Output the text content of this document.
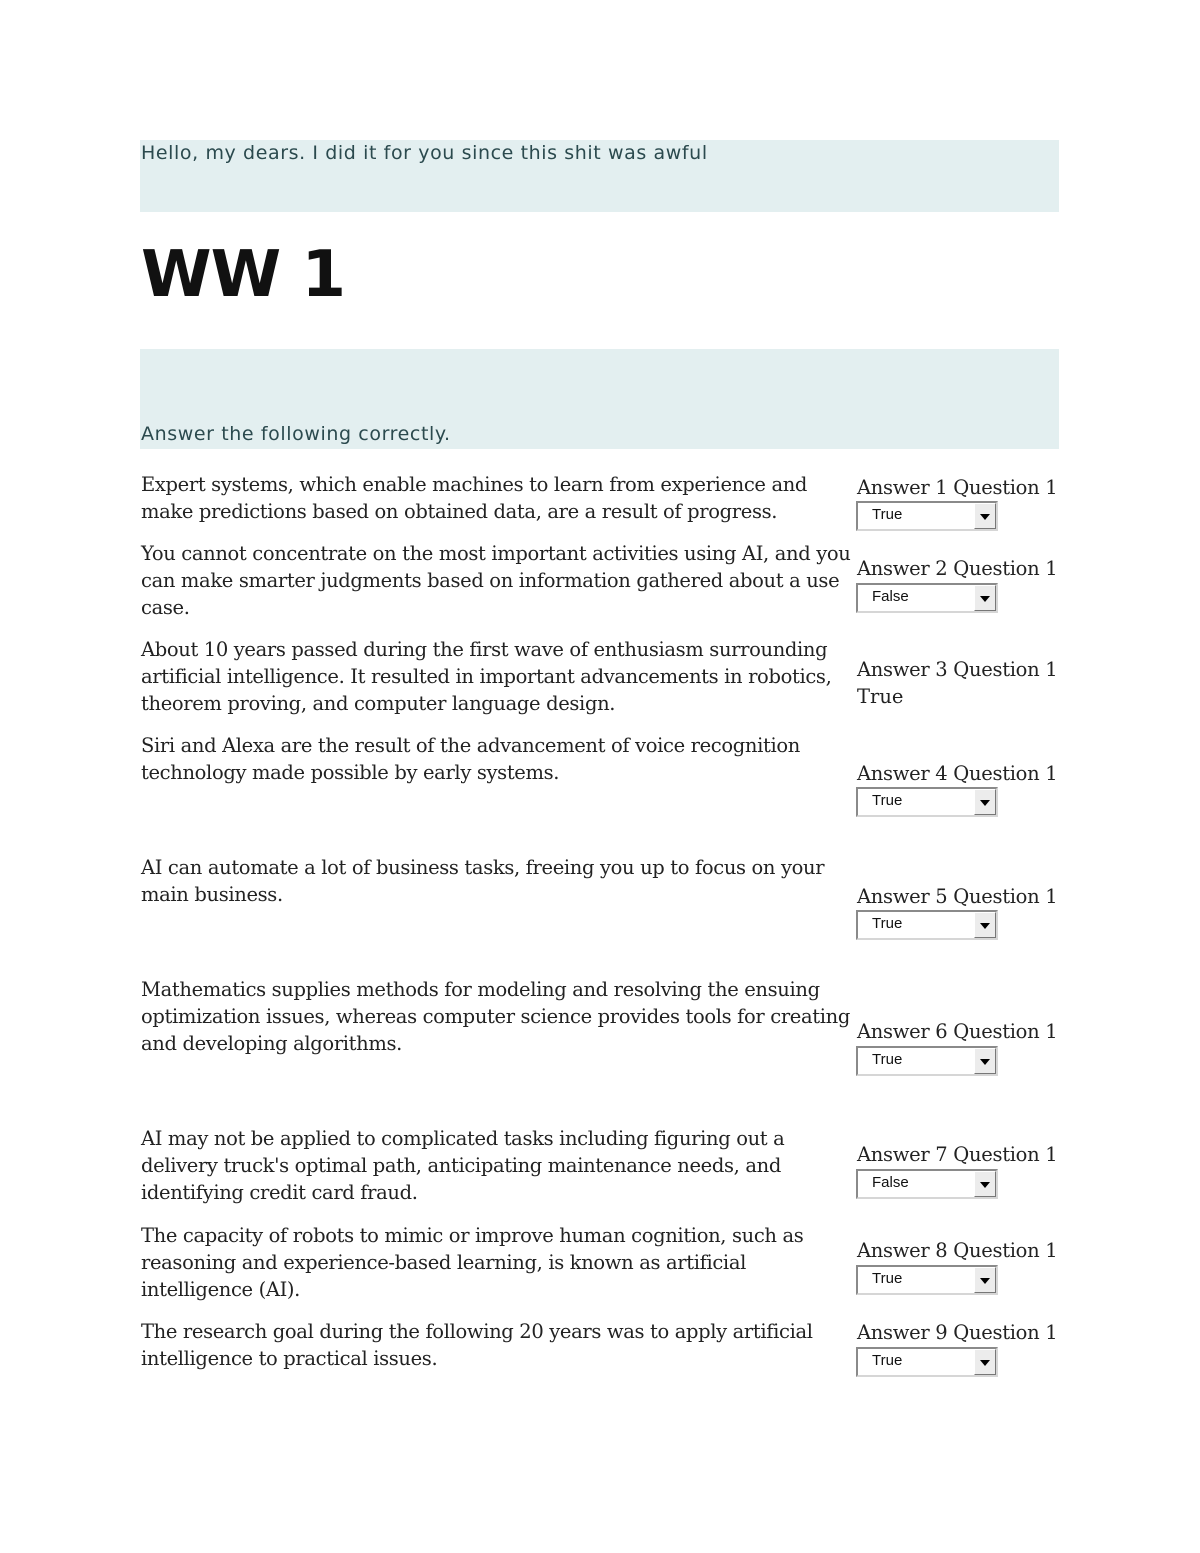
Hello, my dears. I did it for you since this shit was awful
WW 1
Answer the following correctly.
Expert systems, which enable machines to learn from experience and make predictions based on obtained data, are a result of progress.
Answer 1 Question 1
True
You cannot concentrate on the most important activities using AI, and you can make smarter judgments based on information gathered about a use case.
Answer 2 Question 1
False
About 10 years passed during the first wave of enthusiasm surrounding artificial intelligence. It resulted in important advancements in robotics, theorem proving, and computer language design.
Answer 3 Question 1
True
Siri and Alexa are the result of the advancement of voice recognition technology made possible by early systems.	Answer 4 Question 1
True
AI can automate a lot of business tasks, freeing you up to focus on your main business.	Answer 5 Question 1
True
Mathematics supplies methods for modeling and resolving the ensuing optimization issues, whereas computer science provides tools for creating and developing algorithms.
Answer 6 Question 1
True
AI may not be applied to complicated tasks including figuring out a delivery truck's optimal path, anticipating maintenance needs, and identifying credit card fraud.
Answer 7 Question 1
False
The capacity of robots to mimic or improve human cognition, such as reasoning and experience-based learning, is known as artificial intelligence (AI).
Answer 8 Question 1
True
The research goal during the following 20 years was to apply artificial intelligence to practical issues.
Answer 9 Question 1
True
